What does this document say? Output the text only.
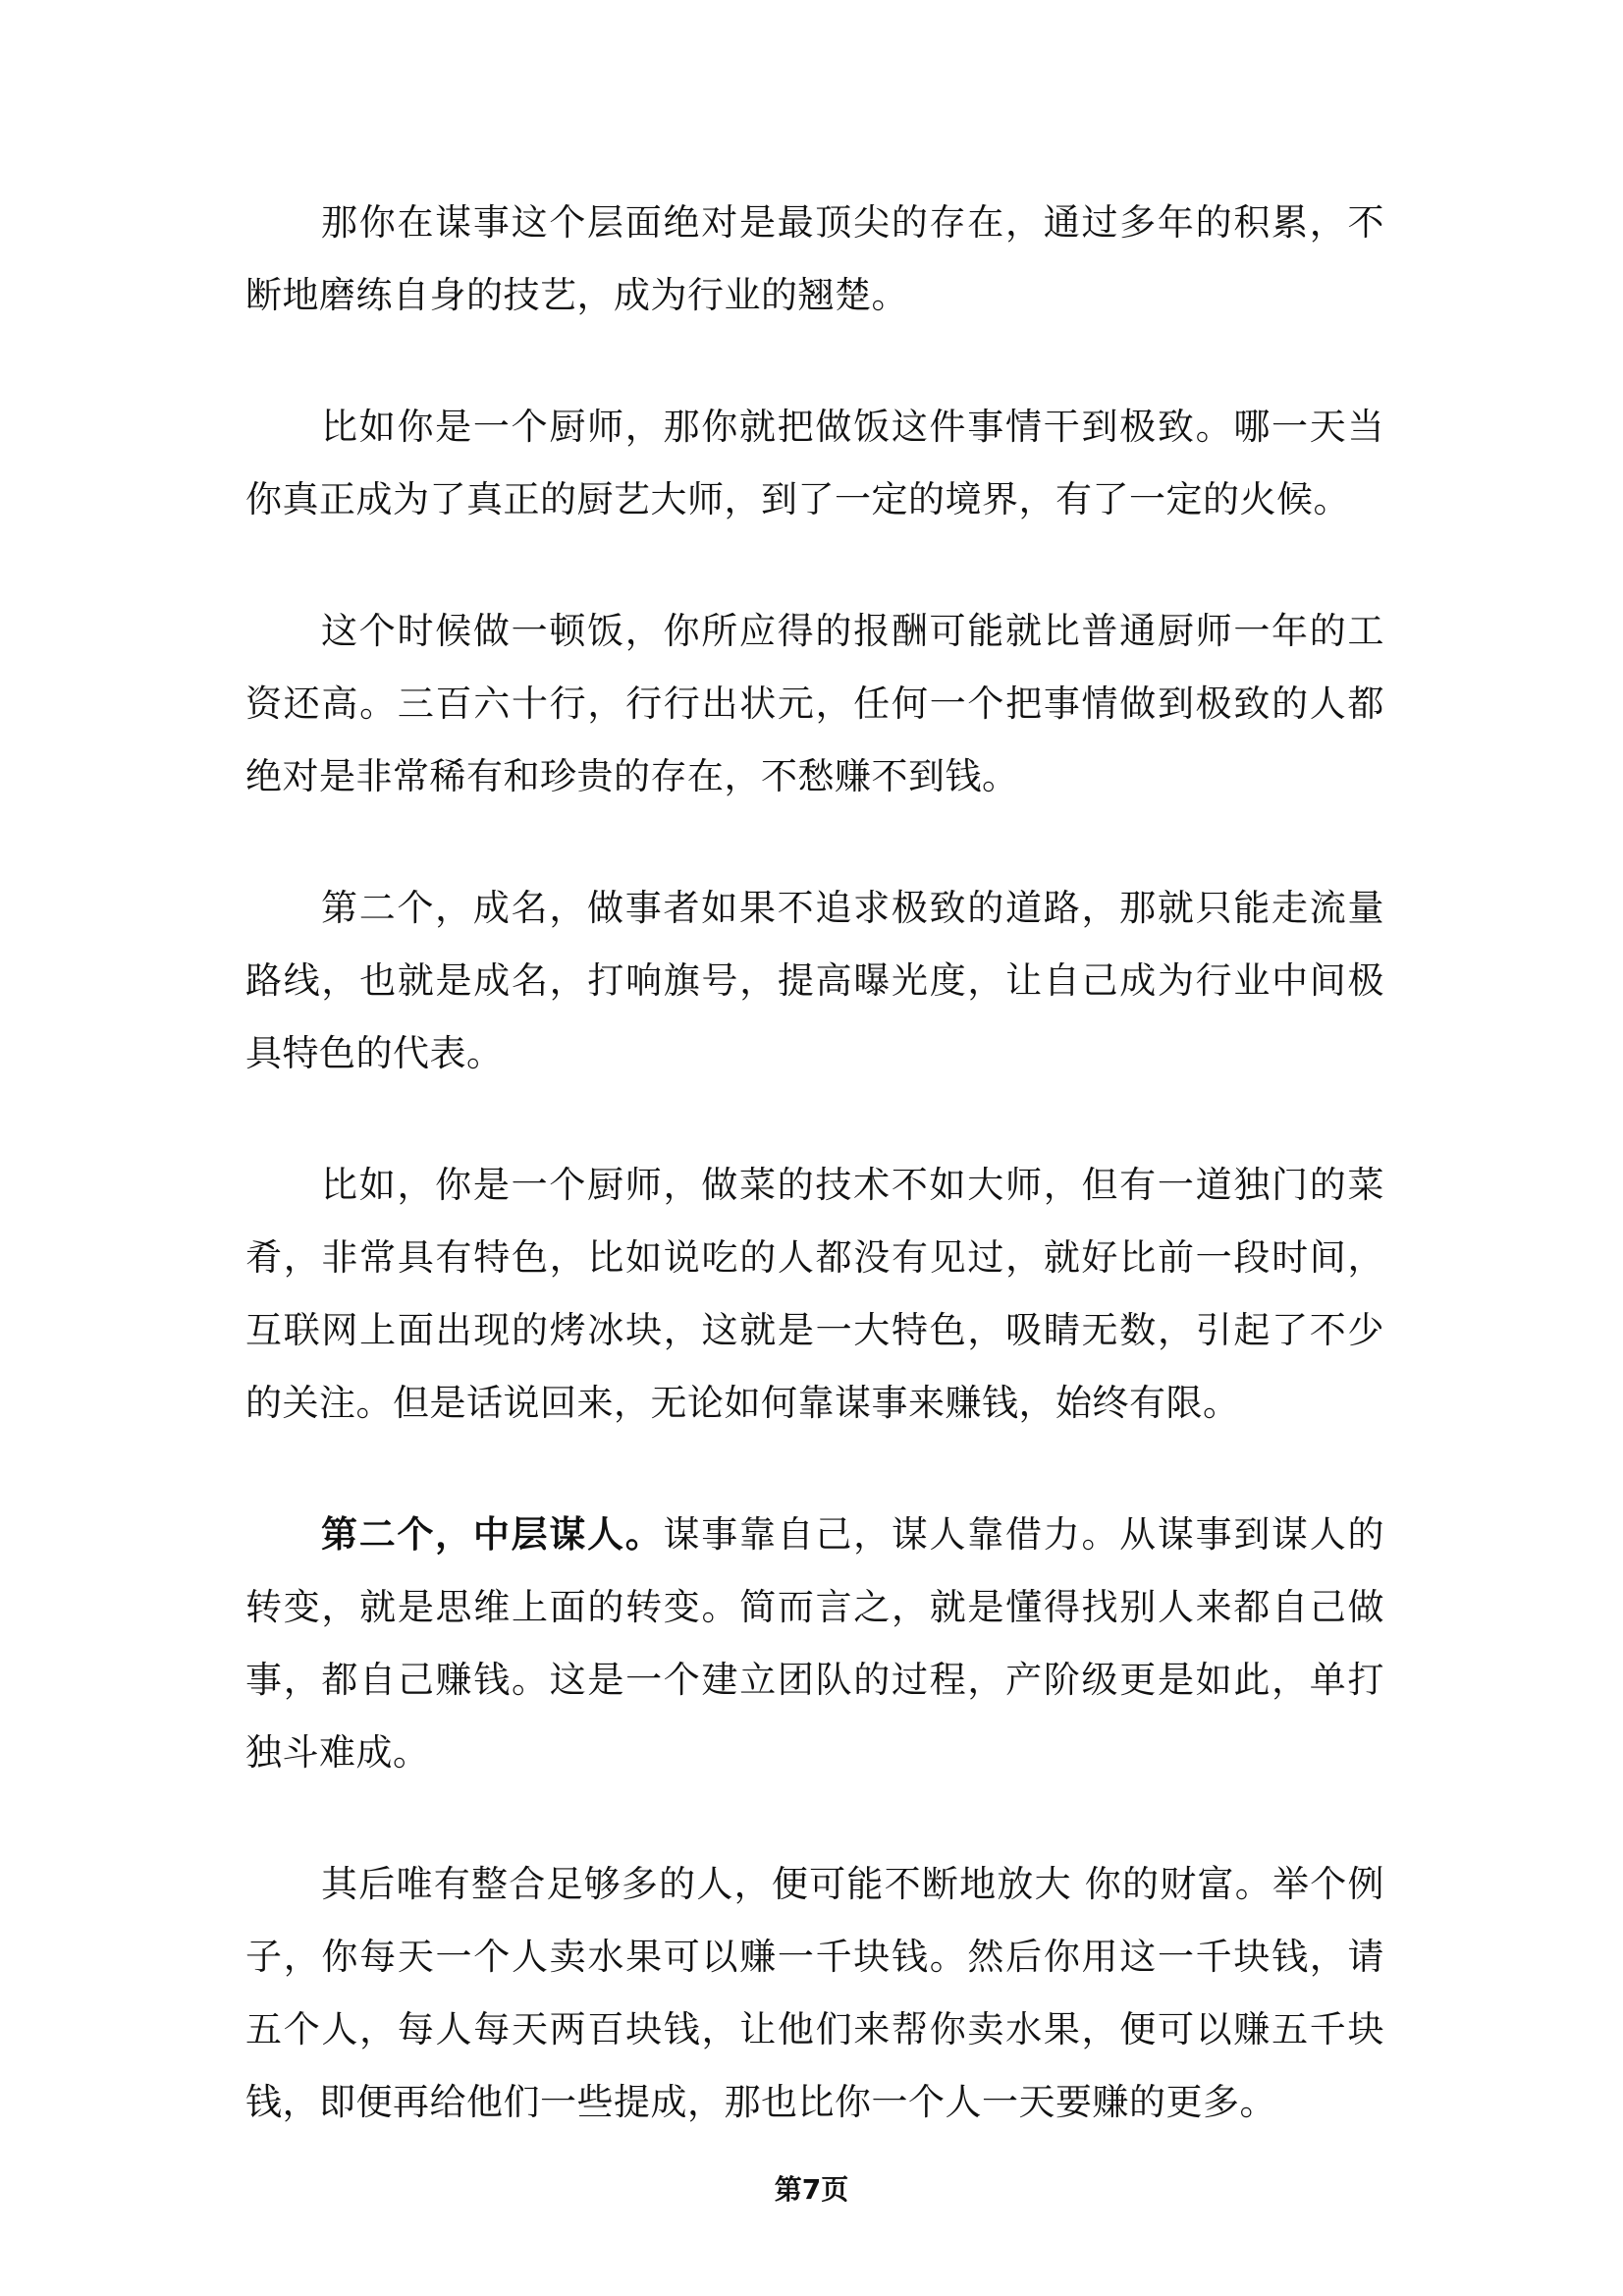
那你在谋事这个层面绝对是最顶尖的存在，通过多年的积累，不断地磨练自身的技艺，成为行业的翘楚。

比如你是一个厨师，那你就把做饭这件事情干到极致。哪一天当你真正成为了真正的厨艺大师，到了一定的境界，有了一定的火候。

这个时候做一顿饭，你所应得的报酬可能就比普通厨师一年的工资还高。三百六十行，行行出状元，任何一个把事情做到极致的人都绝对是非常稀有和珍贵的存在，不愁赚不到钱。

第二个，成名，做事者如果不追求极致的道路，那就只能走流量路线，也就是成名，打响旗号，提高曝光度，让自己成为行业中间极具特色的代表。

比如，你是一个厨师，做菜的技术不如大师，但有一道独门的菜肴，非常具有特色，比如说吃的人都没有见过，就好比前一段时间，互联网上面出现的烤冰块，这就是一大特色，吸睛无数，引起了不少的关注。但是话说回来，无论如何靠谋事来赚钱，始终有限。

第二个，中层谋人。谋事靠自己，谋人靠借力。从谋事到谋人的转变，就是思维上面的转变。简而言之，就是懂得找别人来都自己做事，都自己赚钱。这是一个建立团队的过程，产阶级更是如此，单打独斗难成。

其后唯有整合足够多的人，便可能不断地放大 你的财富。举个例子，你每天一个人卖水果可以赚一千块钱。然后你用这一千块钱，请五个人，每人每天两百块钱，让他们来帮你卖水果，便可以赚五千块钱，即便再给他们一些提成，那也比你一个人一天要赚的更多。

第7页
